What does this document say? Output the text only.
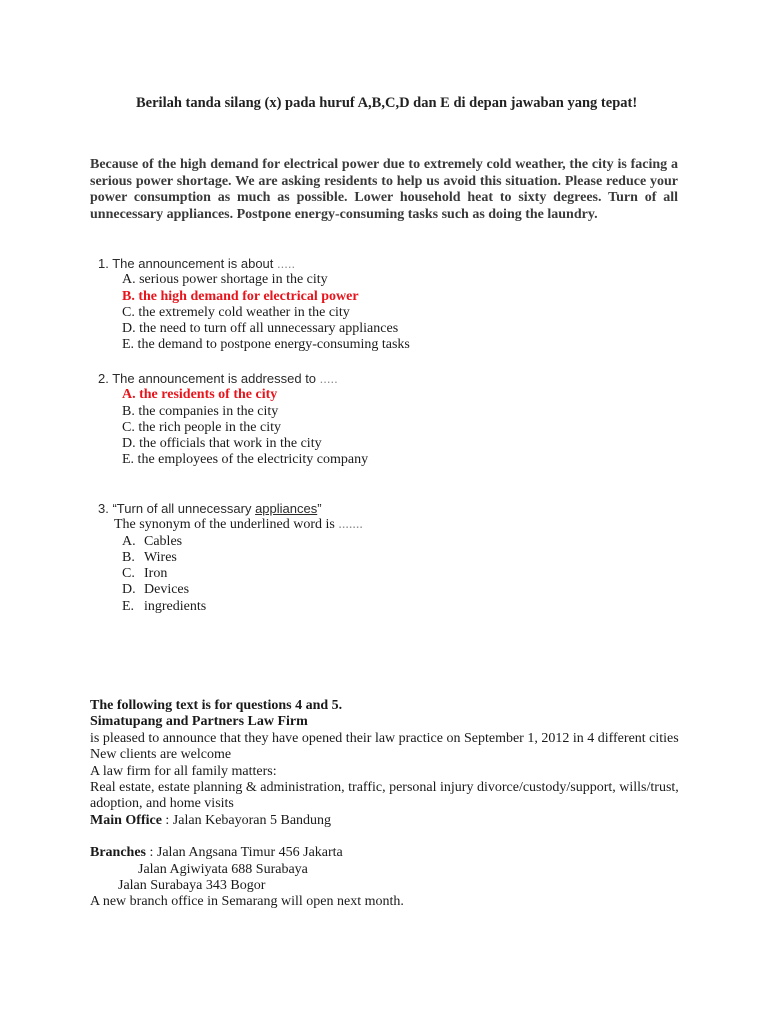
Berilah tanda silang (x) pada huruf A,B,C,D dan E di depan jawaban yang tepat!
Because of the high demand for electrical power due to extremely cold weather, the city is facing a serious power shortage. We are asking residents to help us avoid this situation. Please reduce your power consumption as much as possible. Lower household heat to sixty degrees. Turn of all unnecessary appliances. Postpone energy-consuming tasks such as doing the laundry.
1. The announcement is about .....
A. serious power shortage in the city
B. the high demand for electrical power
C. the extremely cold weather in the city
D. the need to turn off all unnecessary appliances
E. the demand to postpone energy-consuming tasks
2. The announcement is addressed to .....
A. the residents of the city
B. the companies in the city
C. the rich people in the city
D. the officials that work in the city
E. the employees of the electricity company
3. “Turn of all unnecessary appliances”
The synonym of the underlined word is .......
A. Cables
B. Wires
C. Iron
D. Devices
E. ingredients
The following text is for questions 4 and 5.
Simatupang and Partners Law Firm
is pleased to announce that they have opened their law practice on September 1, 2012 in 4 different cities
New clients are welcome
A law firm for all family matters:
Real estate, estate planning & administration, traffic, personal injury divorce/custody/support, wills/trust, adoption, and home visits
Main Office : Jalan Kebayoran 5 Bandung
Branches : Jalan Angsana Timur 456 Jakarta
Jalan Agiwiyata 688 Surabaya
Jalan Surabaya 343 Bogor
A new branch office in Semarang will open next month.
